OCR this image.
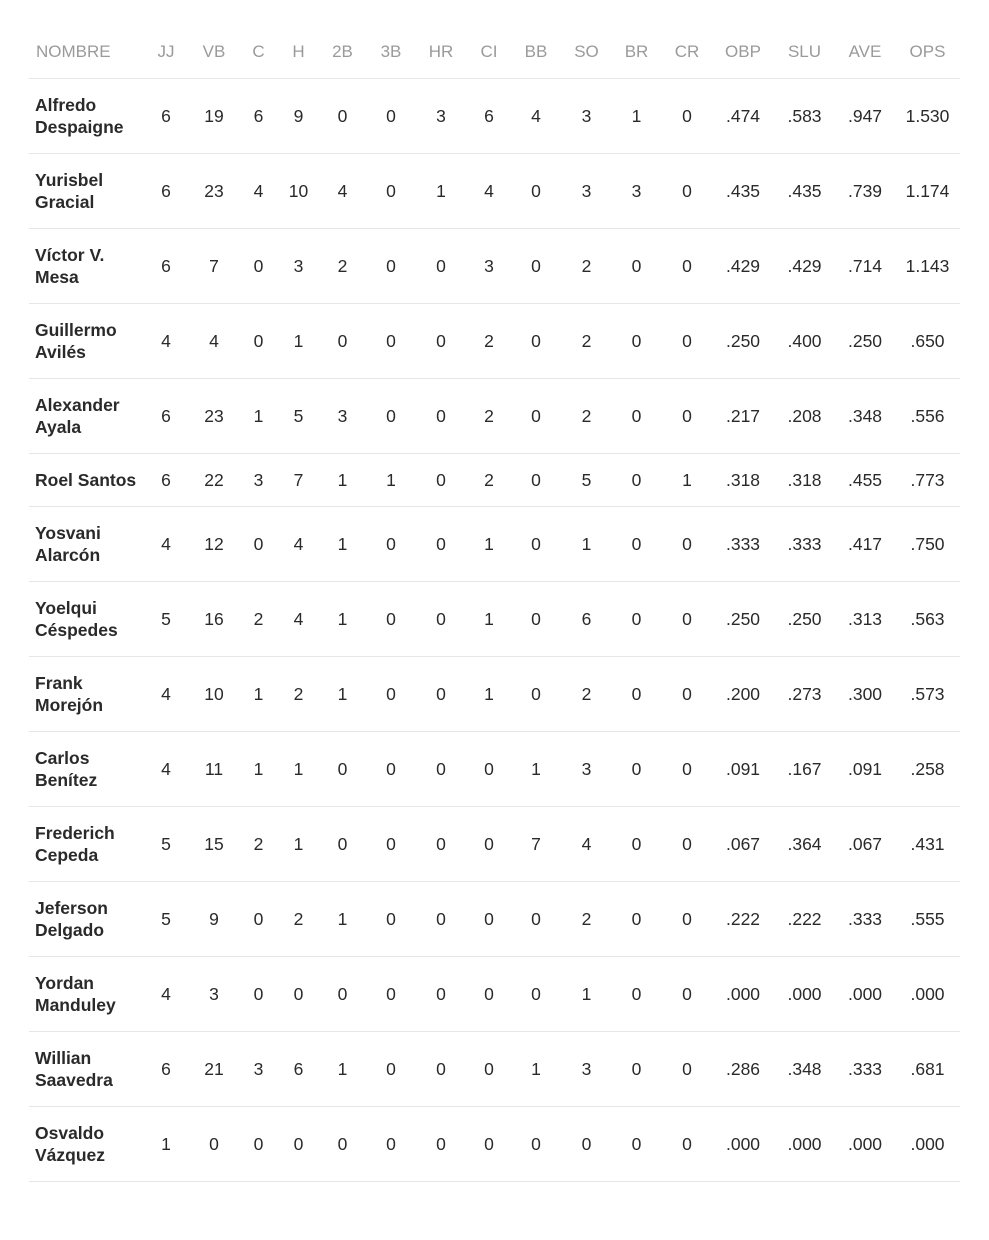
NOMBRE	JJ	VB	C	H	2B	3B	HR	CI	BB	SO	BR	CR	OBP	SLU	AVE	OPS
Alfredo Despaigne	6	19	6	9	0	0	3	6	4	3	1	0	.474	.583	.947	1.530
Yurisbel Gracial	6	23	4	10	4	0	1	4	0	3	3	0	.435	.435	.739	1.174
Víctor V. Mesa	6	7	0	3	2	0	0	3	0	2	0	0	.429	.429	.714	1.143
Guillermo Avilés	4	4	0	1	0	0	0	2	0	2	0	0	.250	.400	.250	.650
Alexander Ayala	6	23	1	5	3	0	0	2	0	2	0	0	.217	.208	.348	.556
Roel Santos	6	22	3	7	1	1	0	2	0	5	0	1	.318	.318	.455	.773
Yosvani Alarcón	4	12	0	4	1	0	0	1	0	1	0	0	.333	.333	.417	.750
Yoelqui Céspedes	5	16	2	4	1	0	0	1	0	6	0	0	.250	.250	.313	.563
Frank Morejón	4	10	1	2	1	0	0	1	0	2	0	0	.200	.273	.300	.573
Carlos Benítez	4	11	1	1	0	0	0	0	1	3	0	0	.091	.167	.091	.258
Frederich Cepeda	5	15	2	1	0	0	0	0	7	4	0	0	.067	.364	.067	.431
Jeferson Delgado	5	9	0	2	1	0	0	0	0	2	0	0	.222	.222	.333	.555
Yordan Manduley	4	3	0	0	0	0	0	0	0	1	0	0	.000	.000	.000	.000
Willian Saavedra	6	21	3	6	1	0	0	0	1	3	0	0	.286	.348	.333	.681
Osvaldo Vázquez	1	0	0	0	0	0	0	0	0	0	0	0	.000	.000	.000	.000
